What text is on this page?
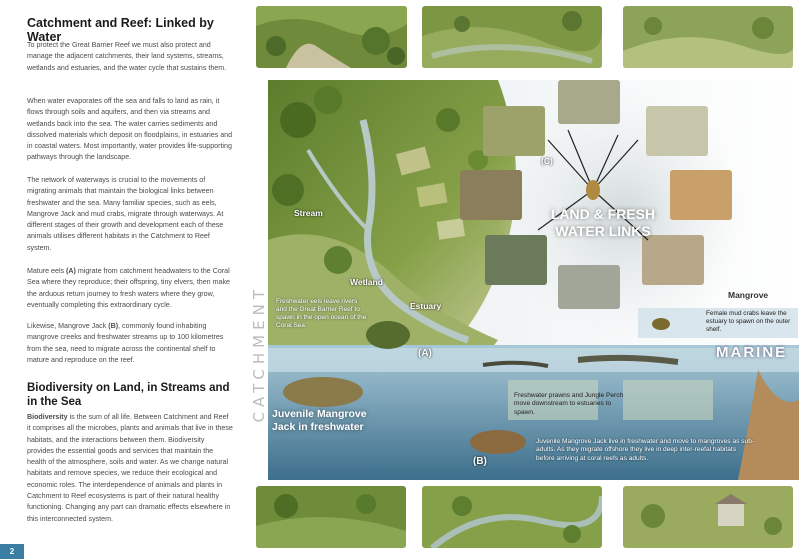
Catchment and Reef: Linked by Water
To protect the Great Barrier Reef we must also protect and manage the adjacent catchments, their land systems, streams, wetlands and estuaries, and the water cycle that sustains them.
When water evaporates off the sea and falls to land as rain, it flows through soils and aquifers, and then via streams and wetlands back into the sea. The water carries sediments and dissolved materials which deposit on floodplains, in estuaries and in coastal waters. Most importantly, water provides life-supporting pathways through the landscape.
The network of waterways is crucial to the movements of migrating animals that maintain the biological links between freshwater and the sea. Many familiar species, such as eels, Mangrove Jack and mud crabs, migrate through waterways. At different stages of their growth and development each of these animals utilises different habitats in the Catchment to Reef system.
Mature eels (A) migrate from catchment headwaters to the Coral Sea where they reproduce; their offspring, tiny elvers, then make the arduous return journey to fresh waters where they grow, eventually completing this extraordinary cycle.
Likewise, Mangrove Jack (B), commonly found inhabiting mangrove creeks and freshwater streams up to 100 kilometres from the sea, need to migrate across the continental shelf to mature and reproduce on the reef.
Biodiversity on Land, in Streams and in the Sea
Biodiversity is the sum of all life. Between Catchment and Reef it comprises all the microbes, plants and animals that live in these habitats, and the interactions between them. Biodiversity provides the essential goods and services that maintain the health of the atmosphere, soils and water. As we change natural habitats and remove species, we reduce their ecological and economic roles. The interdependence of animals and plants in Catchment to Reef ecosystems is part of their natural healthy functioning. Changing any part can dramatic effects elsewhere in this interconnected system.
2
Stream
Wetland
Estuary
(C)
LAND & FRESH
WATER LINKS
Mangrove
Freshwater eels leave rivers and the Great Barrier Reef to spawn in the open ocean of the Coral Sea.
Female mud crabs leave the estuary to spawn on the outer shelf.
(A)	MARINE
Juvenile Mangrove
Jack in freshwater
Freshwater prawns and Jungle Perch move downstream to estuaries to spawn.
Juvenile Mangrove Jack live in freshwater and move to mangroves as sub-adults. As they migrate offshore they live in deep inter-reefal habitats before arriving at coral reefs as adults.
(B)
CATCHMENT
